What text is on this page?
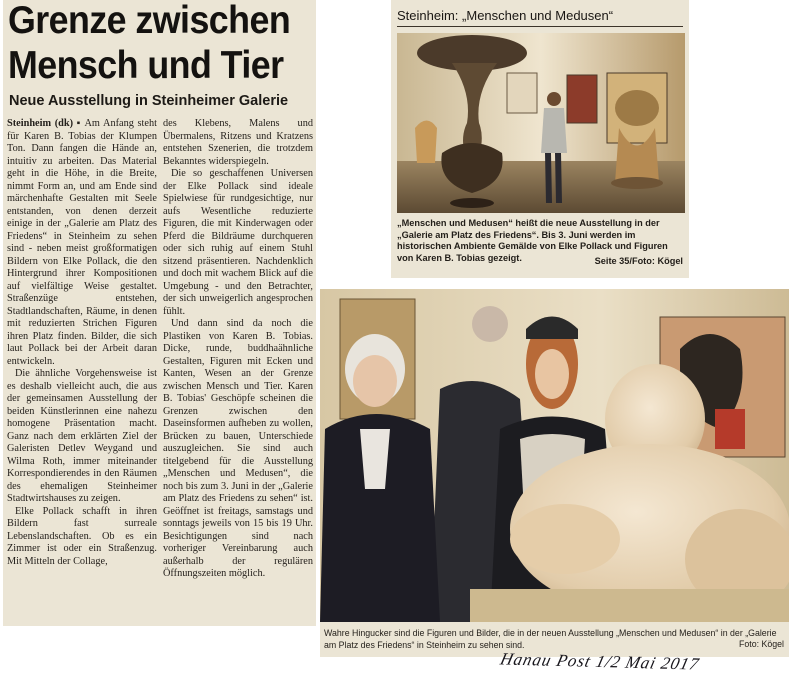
Grenze zwischen Mensch und Tier
Neue Ausstellung in Steinheimer Galerie

Steinheim (dk) ▪ Am Anfang steht für Karen B. Tobias der Klumpen Ton. Dann fangen die Hände an, intuitiv zu arbeiten. Das Material geht in die Höhe, in die Breite, nimmt Form an, und am Ende sind märchenhafte Gestalten mit Seele entstanden, von denen derzeit einige in der „Galerie am Platz des Friedens“ in Steinheim zu sehen sind - neben meist großformatigen Bildern von Elke Pollack, die den Hintergrund ihrer Kompositionen auf vielfältige Weise gestaltet. Straßenzüge entstehen, Stadtlandschaften, Räume, in denen mit reduzierten Strichen Figuren ihren Platz finden. Bilder, die sich laut Pollack bei der Arbeit daran entwickeln.

Die ähnliche Vorgehensweise ist es deshalb vielleicht auch, die aus der gemeinsamen Ausstellung der beiden Künstlerinnen eine nahezu homogene Präsentation macht. Ganz nach dem erklärten Ziel der Galeristen Detlev Weygand und Wilma Roth, immer miteinander Korrespondierendes in den Räumen des ehemaligen Steinheimer Stadtwirtshauses zu zeigen.

Elke Pollack schafft in ihren Bildern fast surreale Lebenslandschaften. Ob es ein Zimmer ist oder ein Straßenzug. Mit Mitteln der Collage,

des Klebens, Malens und Übermalens, Ritzens und Kratzens entstehen Szenerien, die trotzdem Bekanntes widerspiegeln.

Die so geschaffenen Universen der Elke Pollack sind ideale Spielwiese für rundgesichtige, nur aufs Wesentliche reduzierte Figuren, die mit Kinderwagen oder Pferd die Bildräume durchqueren oder sich ruhig auf einem Stuhl sitzend präsentieren. Nachdenklich und doch mit wachem Blick auf die Umgebung - und den Betrachter, der sich unweigerlich angesprochen fühlt.

Und dann sind da noch die Plastiken von Karen B. Tobias. Dicke, runde, buddhaähnliche Gestalten, Figuren mit Ecken und Kanten, Wesen an der Grenze zwischen Mensch und Tier. Karen B. Tobias' Geschöpfe scheinen die Grenzen zwischen den Daseinsformen aufheben zu wollen, Brücken zu bauen, Unterschiede auszugleichen. Sie sind auch titelgebend für die Ausstellung „Menschen und Medusen“, die noch bis zum 3. Juni in der „Galerie am Platz des Friedens zu sehen“ ist. Geöffnet ist freitags, samstags und sonntags jeweils von 15 bis 19 Uhr. Besichtigungen sind nach vorheriger Vereinbarung auch außerhalb der regulären Öffnungszeiten möglich.

Steinheim: „Menschen und Medusen“
„Menschen und Medusen“ heißt die neue Ausstellung in der „Galerie am Platz des Friedens“. Bis 3. Juni werden im historischen Ambiente Gemälde von Elke Pollack und Figuren von Karen B. Tobias gezeigt.	Seite 35/Foto: Kögel
Wahre Hingucker sind die Figuren und Bilder, die in der neuen Ausstellung „Menschen und Medusen“ in der „Galerie am Platz des Friedens“ in Steinheim zu sehen sind.	Foto: Kögel
Hanau Post 1/2 Mai 2017
